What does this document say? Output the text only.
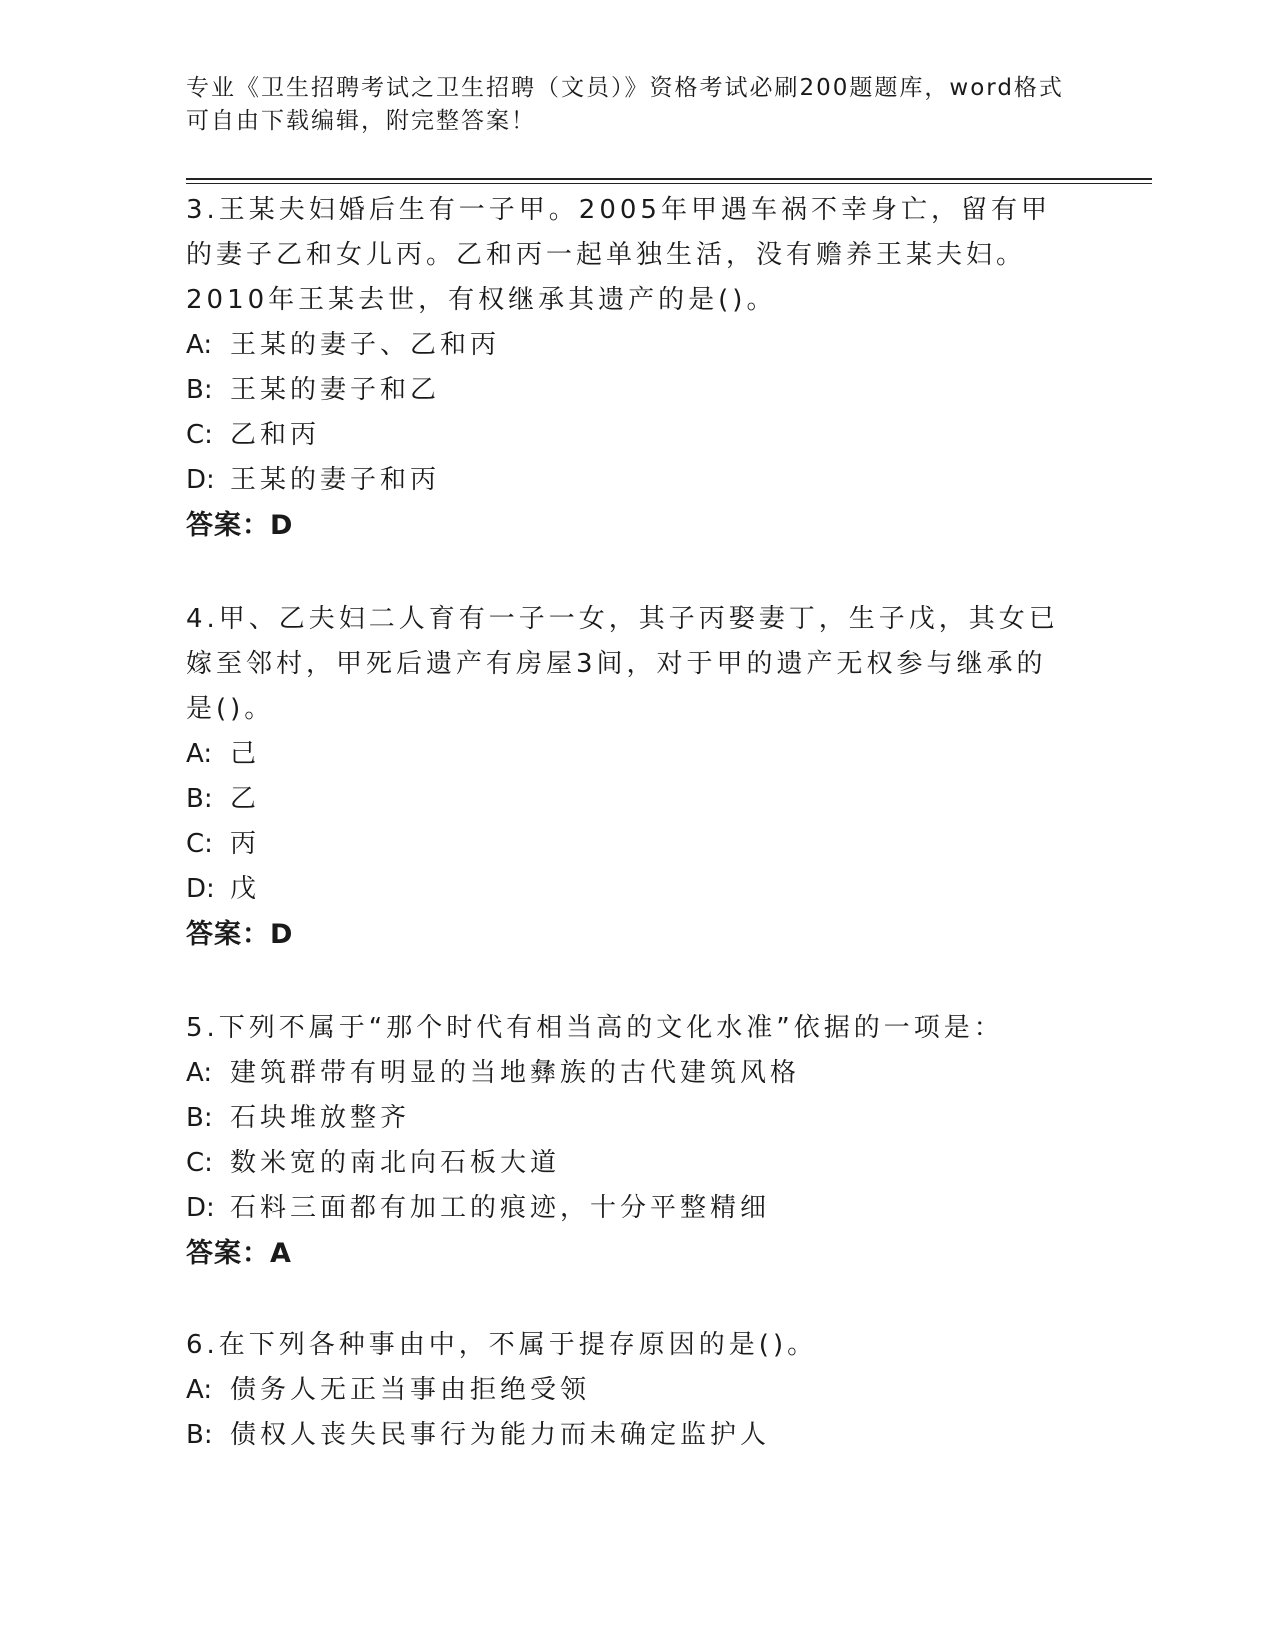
专业《卫生招聘考试之卫生招聘（文员）》资格考试必刷200题题库，word格式
可自由下载编辑，附完整答案！

3.王某夫妇婚后生有一子甲。2005年甲遇车祸不幸身亡，留有甲的妻子乙和女儿丙。乙和丙一起单独生活，没有赡养王某夫妇。2010年王某去世，有权继承其遗产的是()。

A: 王某的妻子、乙和丙

B: 王某的妻子和乙

C: 乙和丙

D: 王某的妻子和丙

答案：D

4.甲、乙夫妇二人育有一子一女，其子丙娶妻丁，生子戊，其女已嫁至邻村，甲死后遗产有房屋3间，对于甲的遗产无权参与继承的是()。

A: 己

B: 乙

C: 丙

D: 戊

答案：D

5.下列不属于“那个时代有相当高的文化水准”依据的一项是：

A: 建筑群带有明显的当地彝族的古代建筑风格

B: 石块堆放整齐

C: 数米宽的南北向石板大道

D: 石料三面都有加工的痕迹，十分平整精细

答案：A

6.在下列各种事由中，不属于提存原因的是()。

A: 债务人无正当事由拒绝受领

B: 债权人丧失民事行为能力而未确定监护人
